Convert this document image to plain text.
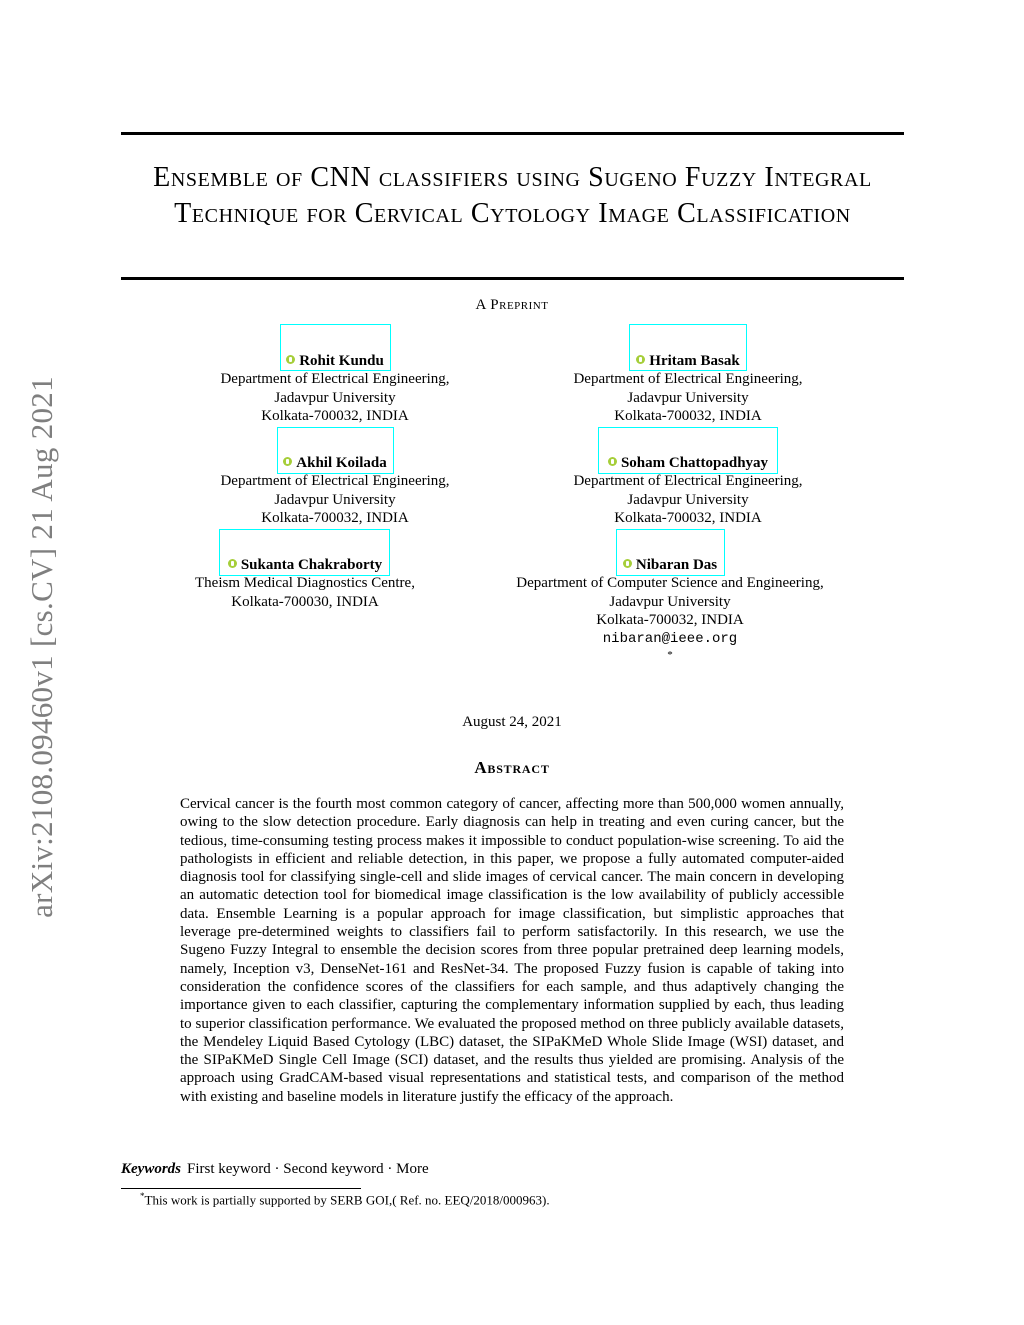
arXiv:2108.09460v1 [cs.CV] 21 Aug 2021
Ensemble of CNN classifiers using Sugeno Fuzzy Integral Technique for Cervical Cytology Image Classification
A Preprint
Rohit Kundu
Department of Electrical Engineering,
Jadavpur University
Kolkata-700032, INDIA
Hritam Basak
Department of Electrical Engineering,
Jadavpur University
Kolkata-700032, INDIA
Akhil Koilada
Department of Electrical Engineering,
Jadavpur University
Kolkata-700032, INDIA
Soham Chattopadhyay
Department of Electrical Engineering,
Jadavpur University
Kolkata-700032, INDIA
Sukanta Chakraborty
Theism Medical Diagnostics Centre,
Kolkata-700030, INDIA
Nibaran Das
Department of Computer Science and Engineering,
Jadavpur University
Kolkata-700032, INDIA
nibaran@ieee.org
*
August 24, 2021
Abstract

Cervical cancer is the fourth most common category of cancer, affecting more than 500,000 women annually, owing to the slow detection procedure. Early diagnosis can help in treating and even curing cancer, but the tedious, time-consuming testing process makes it impossible to conduct population-wise screening. To aid the pathologists in efficient and reliable detection, in this paper, we propose a fully automated computer-aided diagnosis tool for classifying single-cell and slide images of cervical cancer. The main concern in developing an automatic detection tool for biomedical image classification is the low availability of publicly accessible data. Ensemble Learning is a popular approach for image classification, but simplistic approaches that leverage pre-determined weights to classifiers fail to perform satisfactorily. In this research, we use the Sugeno Fuzzy Integral to ensemble the decision scores from three popular pretrained deep learning models, namely, Inception v3, DenseNet-161 and ResNet-34. The proposed Fuzzy fusion is capable of taking into consideration the confidence scores of the classifiers for each sample, and thus adaptively changing the importance given to each classifier, capturing the complementary information supplied by each, thus leading to superior classification performance. We evaluated the proposed method on three publicly available datasets, the Mendeley Liquid Based Cytology (LBC) dataset, the SIPaKMeD Whole Slide Image (WSI) dataset, and the SIPaKMeD Single Cell Image (SCI) dataset, and the results thus yielded are promising. Analysis of the approach using GradCAM-based visual representations and statistical tests, and comparison of the method with existing and baseline models in literature justify the efficacy of the approach.

Keywords First keyword · Second keyword · More
*This work is partially supported by SERB GOI,( Ref. no. EEQ/2018/000963).
